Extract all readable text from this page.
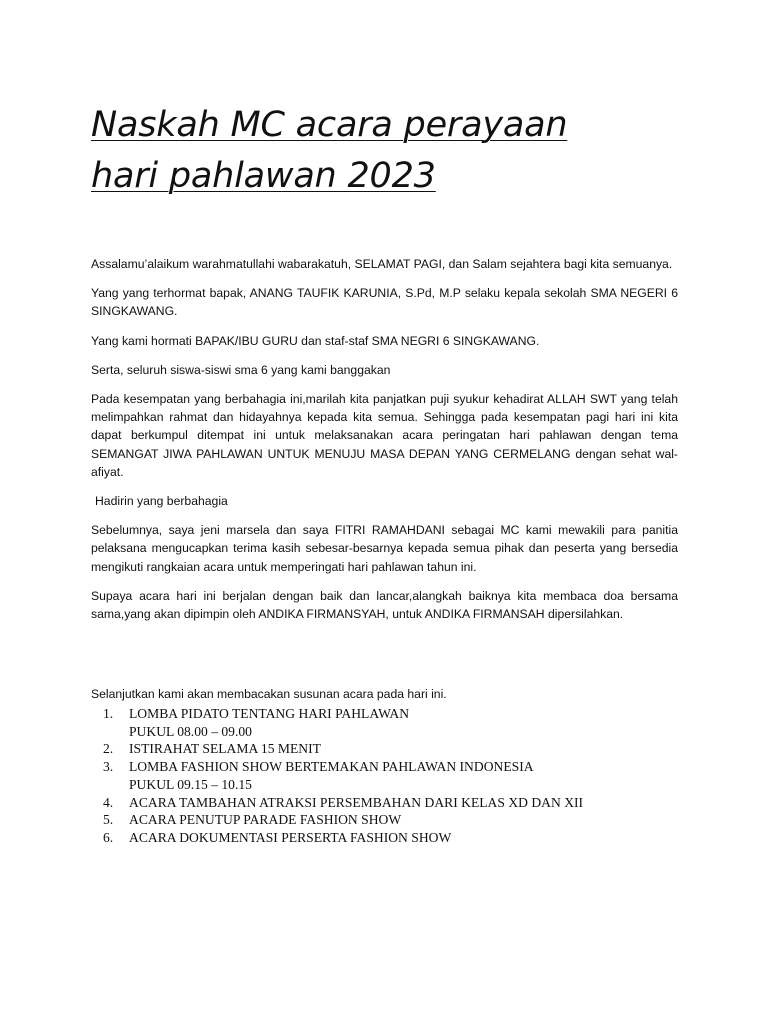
Naskah MC acara perayaan
hari pahlawan 2023

Assalamu’alaikum warahmatullahi wabarakatuh, SELAMAT PAGI, dan Salam sejahtera bagi kita semuanya.

Yang yang terhormat bapak, ANANG TAUFIK KARUNIA, S.Pd, M.P selaku kepala sekolah SMA NEGERI 6 SINGKAWANG.

Yang kami hormati BAPAK/IBU GURU dan staf-staf SMA NEGRI 6 SINGKAWANG.

Serta, seluruh siswa-siswi sma 6 yang kami banggakan

Pada kesempatan yang berbahagia ini,marilah kita panjatkan puji syukur kehadirat ALLAH SWT yang telah melimpahkan rahmat dan hidayahnya kepada kita semua. Sehingga pada kesempatan pagi hari ini kita dapat berkumpul ditempat ini untuk melaksanakan acara peringatan hari pahlawan dengan tema SEMANGAT JIWA PAHLAWAN UNTUK MENUJU MASA DEPAN YANG CERMELANG dengan sehat wal-afiyat.

Hadirin yang berbahagia

Sebelumnya, saya jeni marsela dan saya FITRI RAMAHDANI sebagai MC kami mewakili para panitia pelaksana mengucapkan terima kasih sebesar-besarnya kepada semua pihak dan peserta yang bersedia mengikuti rangkaian acara untuk memperingati hari pahlawan tahun ini.

Supaya acara hari ini berjalan dengan baik dan lancar,alangkah baiknya kita membaca doa bersama sama,yang akan dipimpin oleh ANDIKA FIRMANSYAH, untuk ANDIKA FIRMANSAH dipersilahkan.

Selanjutkan kami akan membacakan susunan acara pada hari ini.

1. LOMBA PIDATO TENTANG HARI PAHLAWAN
PUKUL 08.00 – 09.00
2. ISTIRAHAT SELAMA 15 MENIT
3. LOMBA FASHION SHOW BERTEMAKAN PAHLAWAN INDONESIA
PUKUL 09.15 – 10.15
4. ACARA TAMBAHAN ATRAKSI PERSEMBAHAN DARI KELAS XD DAN XII
5. ACARA PENUTUP PARADE FASHION SHOW
6. ACARA DOKUMENTASI PERSERTA FASHION SHOW
